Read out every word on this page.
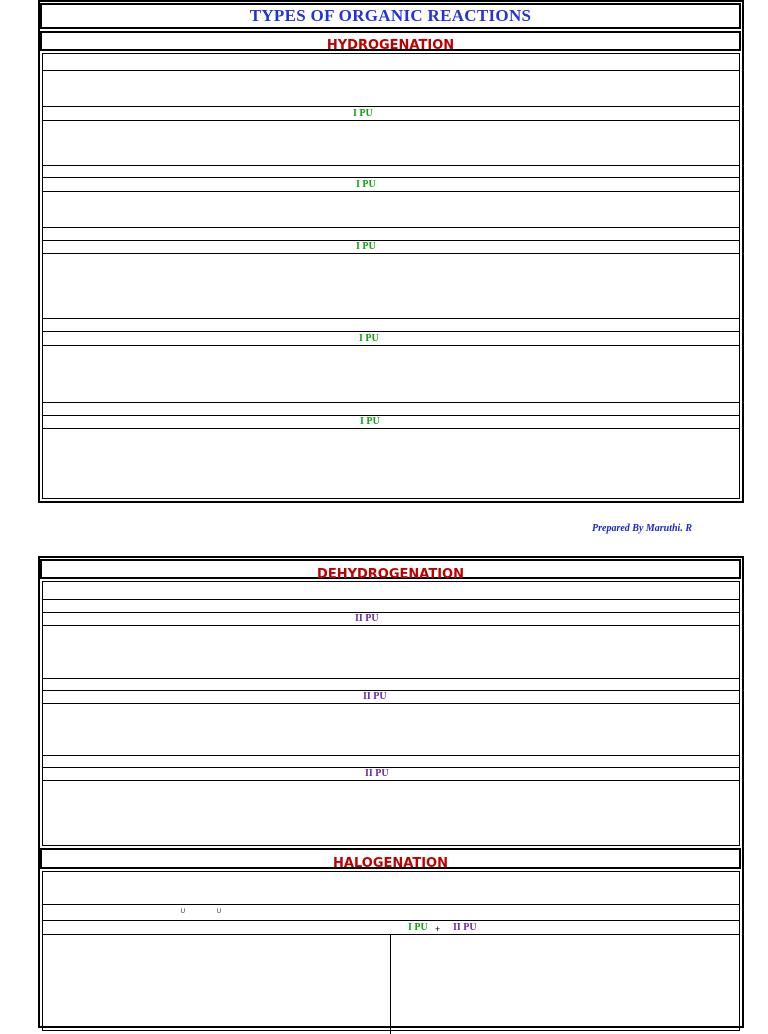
TYPES OF ORGANIC REACTIONS
HYDROGENATION
I PU
I PU
I PU
I PU
I PU
Prepared By Maruthi. R
DEHYDROGENATION
II PU
II PU
II PU
HALOGENATION
∪	∪
I PU + II PU
